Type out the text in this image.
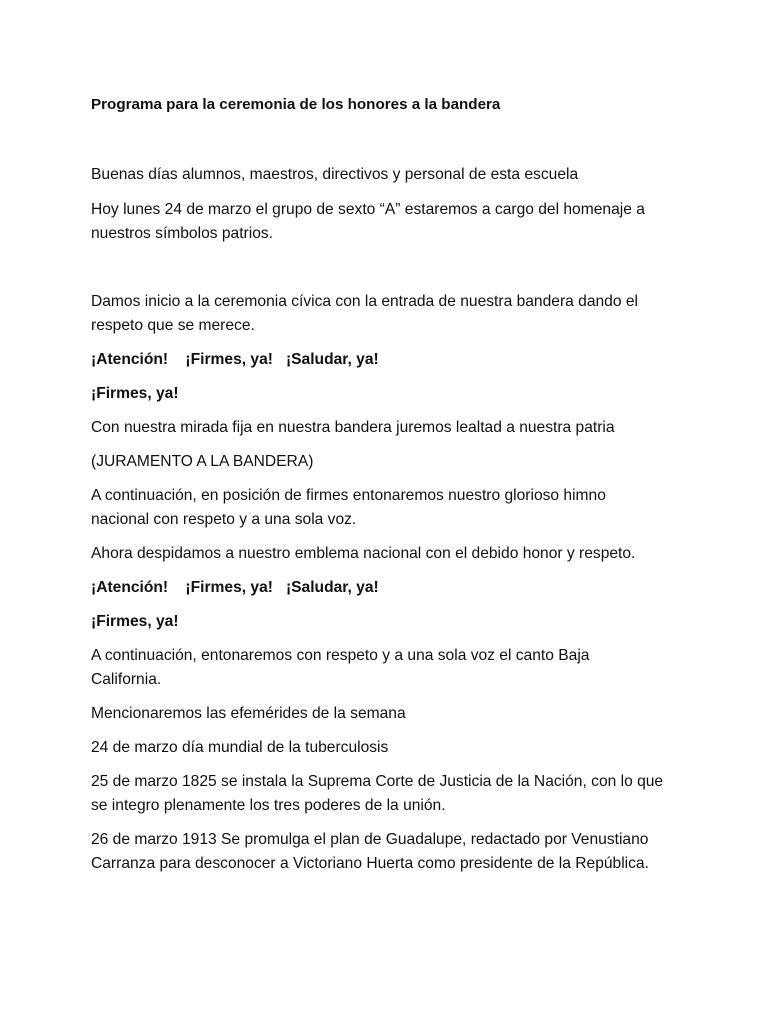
Programa para la ceremonia de los honores a la bandera

Buenas días alumnos, maestros, directivos y personal de esta escuela

Hoy lunes 24 de marzo el grupo de sexto “A” estaremos a cargo del homenaje a
nuestros símbolos patrios.

Damos inicio a la ceremonia cívica con la entrada de nuestra bandera dando el
respeto que se merece.

¡Atención!    ¡Firmes, ya!   ¡Saludar, ya!

¡Firmes, ya!

Con nuestra mirada fija en nuestra bandera juremos lealtad a nuestra patria

(JURAMENTO A LA BANDERA)

A continuación, en posición de firmes entonaremos nuestro glorioso himno
nacional con respeto y a una sola voz.

Ahora despidamos a nuestro emblema nacional con el debido honor y respeto.

¡Atención!    ¡Firmes, ya!   ¡Saludar, ya!

¡Firmes, ya!

A continuación, entonaremos con respeto y a una sola voz el canto Baja
California.

Mencionaremos las efemérides de la semana

24 de marzo día mundial de la tuberculosis

25 de marzo 1825 se instala la Suprema Corte de Justicia de la Nación, con lo que
se integro plenamente los tres poderes de la unión.

26 de marzo 1913 Se promulga el plan de Guadalupe, redactado por Venustiano
Carranza para desconocer a Victoriano Huerta como presidente de la República.
